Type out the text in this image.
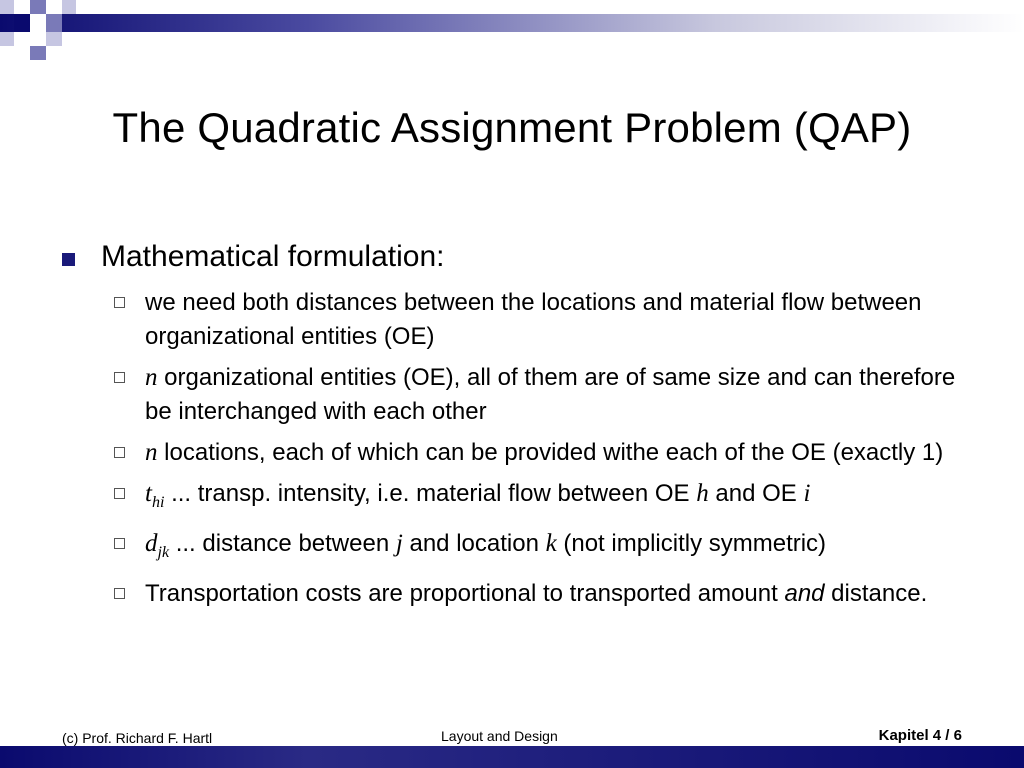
The Quadratic Assignment Problem (QAP)
Mathematical formulation:
we need both distances between the locations and material flow between organizational entities (OE)
n organizational entities (OE), all of them are of same size and can therefore be interchanged with each other
n locations, each of which can be provided withe each of the OE (exactly 1)
$t_{hi}$ ... transp. intensity, i.e. material flow between OE h and OE i
$d_{jk}$ ... distance between j and location k (not implicitly symmetric)
Transportation costs are proportional to transported amount and distance.
(c) Prof. Richard F. Hartl	Layout and Design	Kapitel 4 / 6
